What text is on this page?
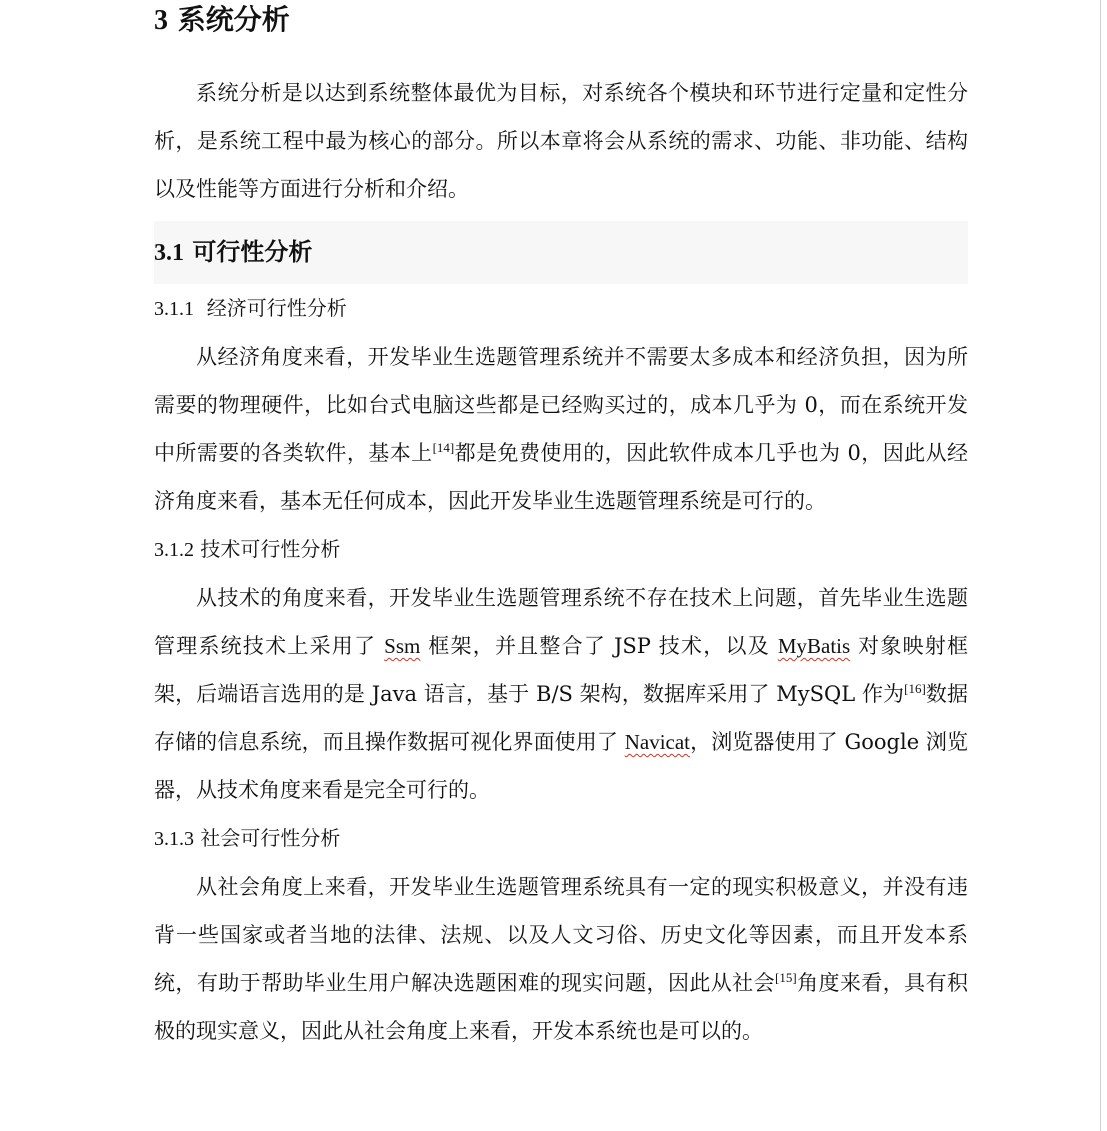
3 系统分析

系统分析是以达到系统整体最优为目标，对系统各个模块和环节进行定量和定性分析，是系统工程中最为核心的部分。所以本章将会从系统的需求、功能、非功能、结构以及性能等方面进行分析和介绍。

3.1 可行性分析
3.1.1 经济可行性分析

从经济角度来看，开发毕业生选题管理系统并不需要太多成本和经济负担，因为所需要的物理硬件，比如台式电脑这些都是已经购买过的，成本几乎为 0，而在系统开发中所需要的各类软件，基本上[14]都是免费使用的，因此软件成本几乎也为 0，因此从经济角度来看，基本无任何成本，因此开发毕业生选题管理系统是可行的。

3.1.2 技术可行性分析

从技术的角度来看，开发毕业生选题管理系统不存在技术上问题，首先毕业生选题管理系统技术上采用了 Ssm 框架，并且整合了 JSP 技术，以及 MyBatis 对象映射框架，后端语言选用的是 Java 语言，基于 B/S 架构，数据库采用了 MySQL 作为[16]数据存储的信息系统，而且操作数据可视化界面使用了 Navicat，浏览器使用了 Google 浏览器，从技术角度来看是完全可行的。

3.1.3 社会可行性分析

从社会角度上来看，开发毕业生选题管理系统具有一定的现实积极意义，并没有违背一些国家或者当地的法律、法规、以及人文习俗、历史文化等因素，而且开发本系统，有助于帮助毕业生用户解决选题困难的现实问题，因此从社会[15]角度来看，具有积极的现实意义，因此从社会角度上来看，开发本系统也是可以的。
